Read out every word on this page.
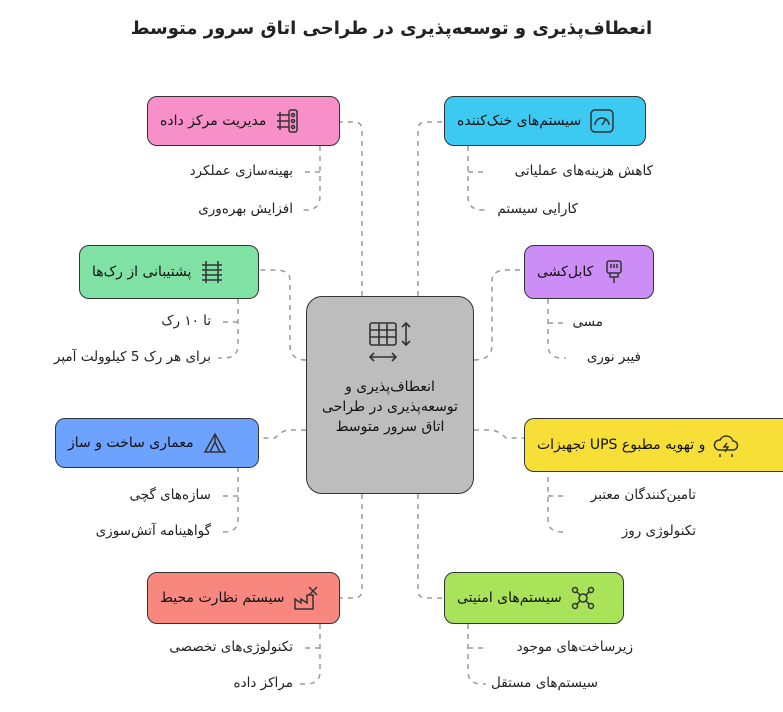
انعطاف‌پذیری و توسعه‌پذیری در طراحی اتاق سرور متوسط
انعطاف‌پذیری و توسعه‌پذیری در طراحی اتاق سرور متوسط
مدیریت مرکز داده
بهینه‌سازی عملکرد
افزایش بهره‌وری
پشتیبانی از رک‌ها
تا ۱۰ رک
برای هر رک 5 کیلوولت آمپر
معماری ساخت و ساز
سازه‌های گچی
گواهینامه آتش‌سوزی
سیستم نظارت محیط
تکنولوژی‌های تخصصی
مراکز داده
سیستم‌های خنک‌کننده
کاهش هزینه‌های عملیاتی
کارایی سیستم
کابل‌کشی
مسی
فیبر نوری
و تهویه مطبوع UPS تجهیزات
تامین‌کنندگان معتبر
تکنولوژی روز
سیستم‌های امنیتی
زیرساخت‌های موجود
سیستم‌های مستقل
